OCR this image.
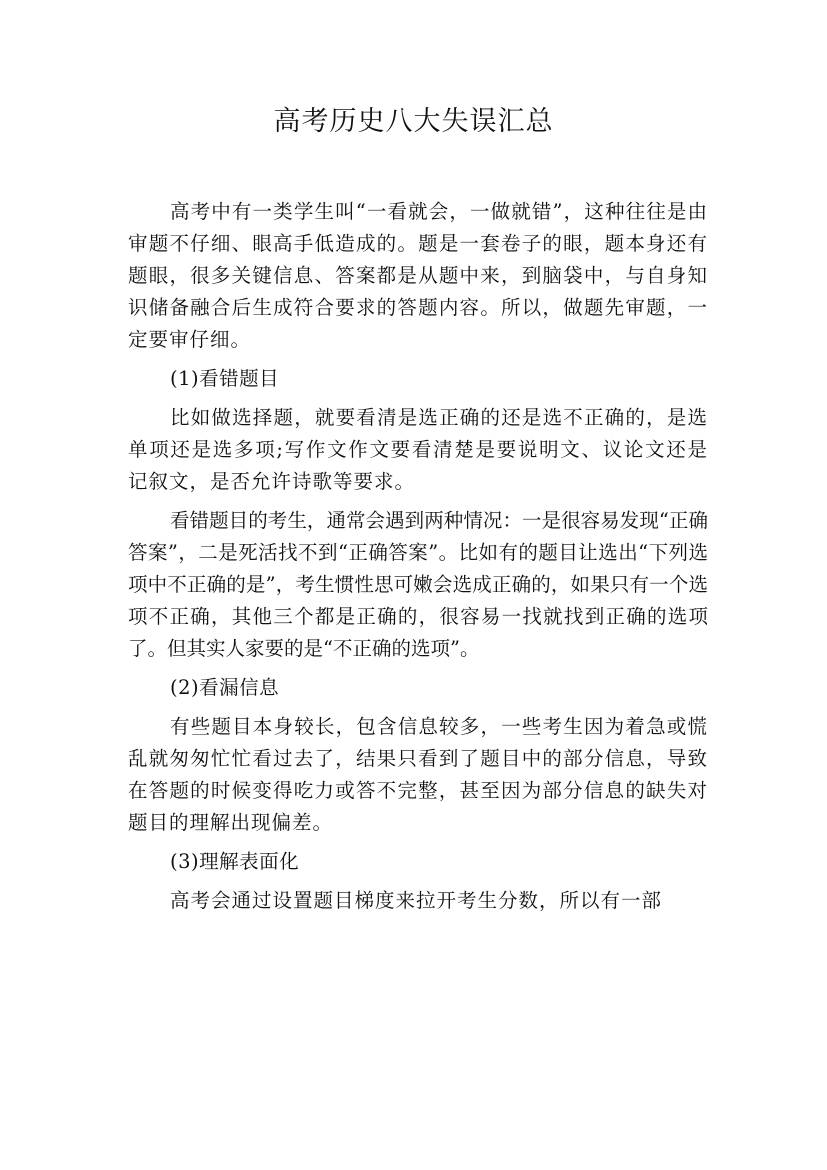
高考历史八大失误汇总

高考中有一类学生叫“一看就会，一做就错”，这种往往是由审题不仔细、眼高手低造成的。题是一套卷子的眼，题本身还有题眼，很多关键信息、答案都是从题中来，到脑袋中，与自身知识储备融合后生成符合要求的答题内容。所以，做题先审题，一定要审仔细。

(1)看错题目

比如做选择题，就要看清是选正确的还是选不正确的，是选单项还是选多项;写作文作文要看清楚是要说明文、议论文还是记叙文，是否允许诗歌等要求。

看错题目的考生，通常会遇到两种情况：一是很容易发现“正确答案”，二是死活找不到“正确答案”。比如有的题目让选出“下列选项中不正确的是”，考生惯性思可嫩会选成正确的，如果只有一个选项不正确，其他三个都是正确的，很容易一找就找到正确的选项了。但其实人家要的是“不正确的选项”。

(2)看漏信息

有些题目本身较长，包含信息较多，一些考生因为着急或慌乱就匆匆忙忙看过去了，结果只看到了题目中的部分信息，导致在答题的时候变得吃力或答不完整，甚至因为部分信息的缺失对题目的理解出现偏差。

(3)理解表面化

高考会通过设置题目梯度来拉开考生分数，所以有一部
